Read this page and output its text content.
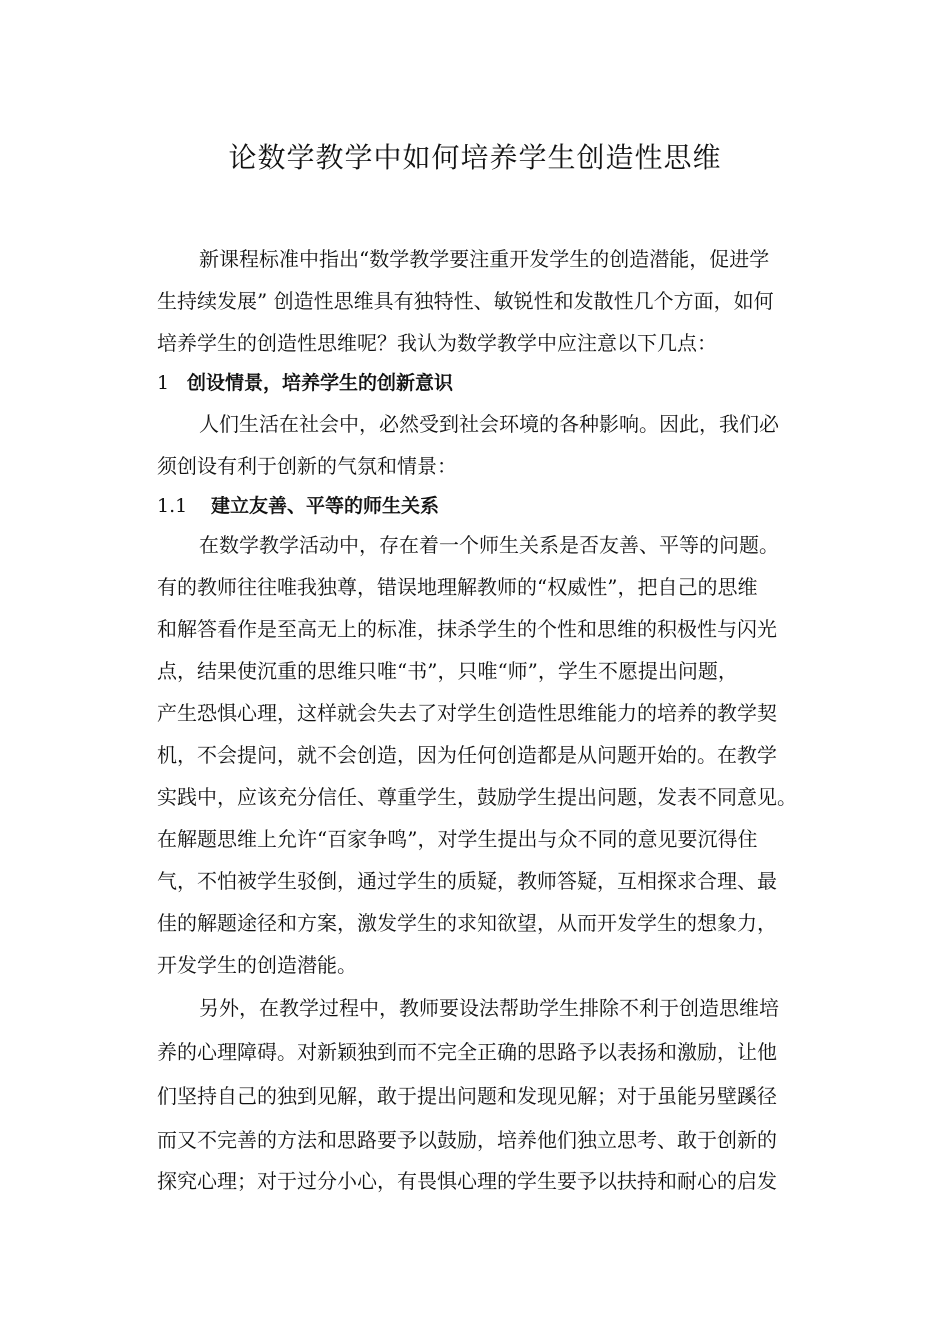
论数学教学中如何培养学生创造性思维

新课程标准中指出“数学教学要注重开发学生的创造潜能，促进学

生持续发展” 创造性思维具有独特性、敏锐性和发散性几个方面，如何

培养学生的创造性思维呢？我认为数学教学中应注意以下几点：

1 创设情景，培养学生的创新意识

人们生活在社会中，必然受到社会环境的各种影响。因此，我们必

须创设有利于创新的气氛和情景：

1.1 建立友善、平等的师生关系

在数学教学活动中，存在着一个师生关系是否友善、平等的问题。

有的教师往往唯我独尊，错误地理解教师的“权威性”，把自己的思维

和解答看作是至高无上的标准，抹杀学生的个性和思维的积极性与闪光

点，结果使沉重的思维只唯“书”，只唯“师”，学生不愿提出问题，

产生恐惧心理，这样就会失去了对学生创造性思维能力的培养的教学契

机，不会提问，就不会创造，因为任何创造都是从问题开始的。在教学

实践中，应该充分信任、尊重学生，鼓励学生提出问题，发表不同意见。

在解题思维上允许“百家争鸣”，对学生提出与众不同的意见要沉得住

气，不怕被学生驳倒，通过学生的质疑，教师答疑，互相探求合理、最

佳的解题途径和方案，激发学生的求知欲望，从而开发学生的想象力，

开发学生的创造潜能。

另外，在教学过程中，教师要设法帮助学生排除不利于创造思维培

养的心理障碍。对新颖独到而不完全正确的思路予以表扬和激励，让他

们坚持自己的独到见解，敢于提出问题和发现见解；对于虽能另壁蹊径

而又不完善的方法和思路要予以鼓励，培养他们独立思考、敢于创新的

探究心理；对于过分小心，有畏惧心理的学生要予以扶持和耐心的启发
